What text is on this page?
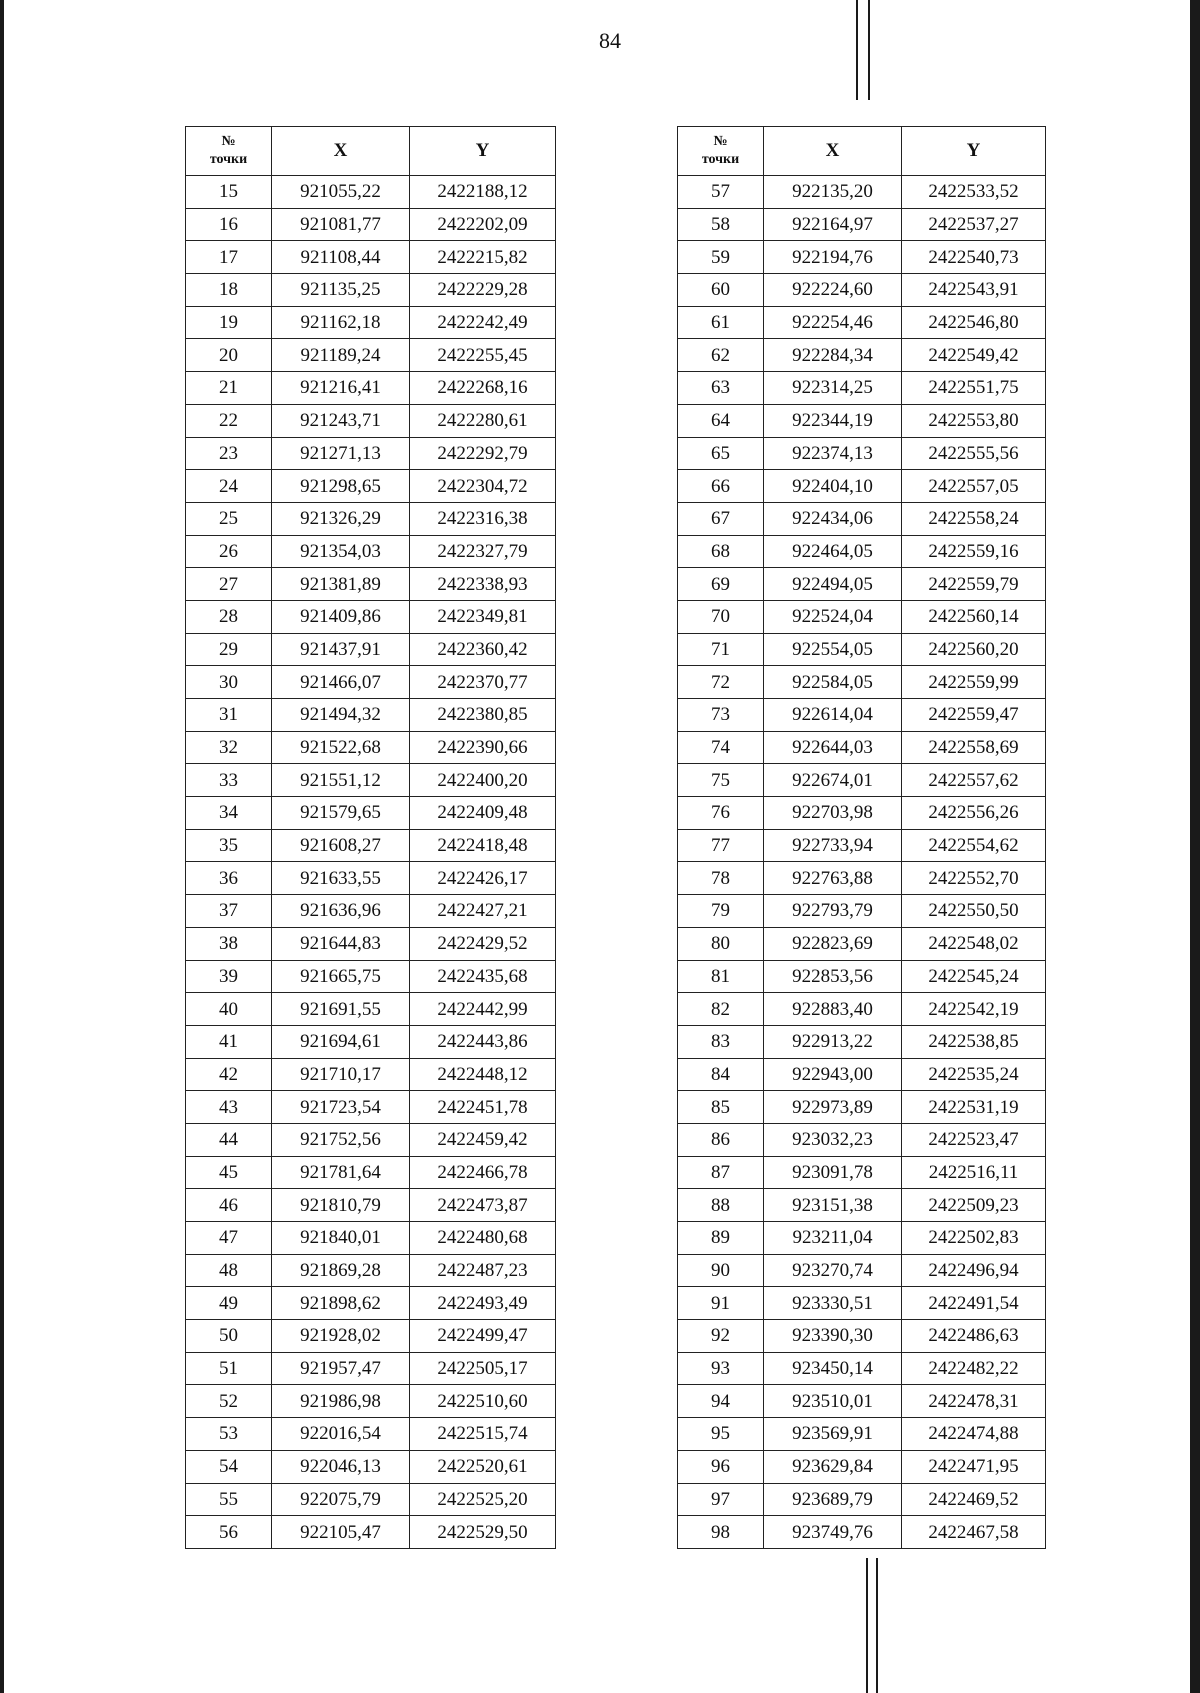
84
№
точки	X	Y
15	921055,22	2422188,12
16	921081,77	2422202,09
17	921108,44	2422215,82
18	921135,25	2422229,28
19	921162,18	2422242,49
20	921189,24	2422255,45
21	921216,41	2422268,16
22	921243,71	2422280,61
23	921271,13	2422292,79
24	921298,65	2422304,72
25	921326,29	2422316,38
26	921354,03	2422327,79
27	921381,89	2422338,93
28	921409,86	2422349,81
29	921437,91	2422360,42
30	921466,07	2422370,77
31	921494,32	2422380,85
32	921522,68	2422390,66
33	921551,12	2422400,20
34	921579,65	2422409,48
35	921608,27	2422418,48
36	921633,55	2422426,17
37	921636,96	2422427,21
38	921644,83	2422429,52
39	921665,75	2422435,68
40	921691,55	2422442,99
41	921694,61	2422443,86
42	921710,17	2422448,12
43	921723,54	2422451,78
44	921752,56	2422459,42
45	921781,64	2422466,78
46	921810,79	2422473,87
47	921840,01	2422480,68
48	921869,28	2422487,23
49	921898,62	2422493,49
50	921928,02	2422499,47
51	921957,47	2422505,17
52	921986,98	2422510,60
53	922016,54	2422515,74
54	922046,13	2422520,61
55	922075,79	2422525,20
56	922105,47	2422529,50
№
точки	X	Y
57	922135,20	2422533,52
58	922164,97	2422537,27
59	922194,76	2422540,73
60	922224,60	2422543,91
61	922254,46	2422546,80
62	922284,34	2422549,42
63	922314,25	2422551,75
64	922344,19	2422553,80
65	922374,13	2422555,56
66	922404,10	2422557,05
67	922434,06	2422558,24
68	922464,05	2422559,16
69	922494,05	2422559,79
70	922524,04	2422560,14
71	922554,05	2422560,20
72	922584,05	2422559,99
73	922614,04	2422559,47
74	922644,03	2422558,69
75	922674,01	2422557,62
76	922703,98	2422556,26
77	922733,94	2422554,62
78	922763,88	2422552,70
79	922793,79	2422550,50
80	922823,69	2422548,02
81	922853,56	2422545,24
82	922883,40	2422542,19
83	922913,22	2422538,85
84	922943,00	2422535,24
85	922973,89	2422531,19
86	923032,23	2422523,47
87	923091,78	2422516,11
88	923151,38	2422509,23
89	923211,04	2422502,83
90	923270,74	2422496,94
91	923330,51	2422491,54
92	923390,30	2422486,63
93	923450,14	2422482,22
94	923510,01	2422478,31
95	923569,91	2422474,88
96	923629,84	2422471,95
97	923689,79	2422469,52
98	923749,76	2422467,58
